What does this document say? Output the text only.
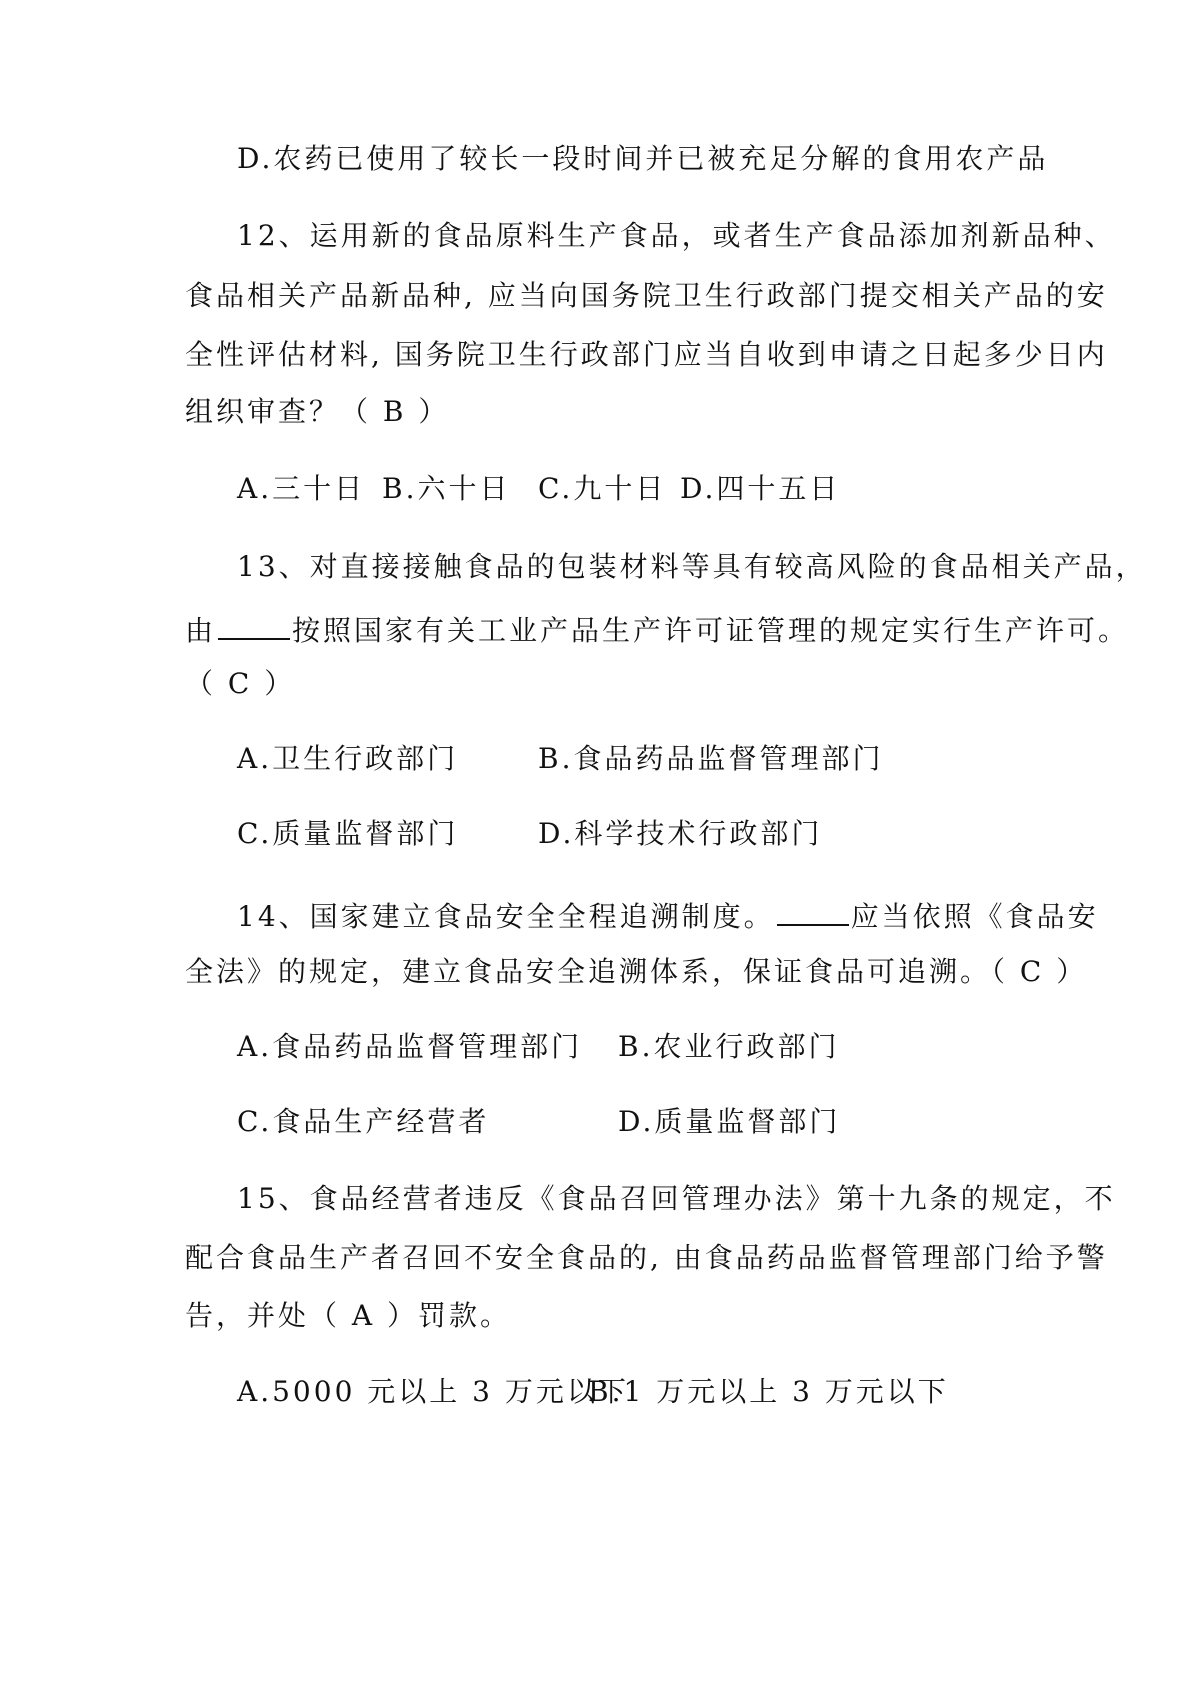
D.农药已使用了较长一段时间并已被充足分解的食用农产品
12、运用新的食品原料生产食品，或者生产食品添加剂新品种、
食品相关产品新品种, 应当向国务院卫生行政部门提交相关产品的安
全性评估材料, 国务院卫生行政部门应当自收到申请之日起多少日内
组织审查？（ B ）
A.三十日 B.六十日 C.九十日 D.四十五日
13、对直接接触食品的包装材料等具有较高风险的食品相关产品，
由	按照国家有关工业产品生产许可证管理的规定实行生产许可。
（ C ）
A.卫生行政部门	B.食品药品监督管理部门
C.质量监督部门	D.科学技术行政部门
14、国家建立食品安全全程追溯制度。	应当依照《食品安
全法》的规定，建立食品安全追溯体系，保证食品可追溯。（ C ）
A.食品药品监督管理部门 B.农业行政部门
C.食品生产经营者	D.质量监督部门
15、食品经营者违反《食品召回管理办法》第十九条的规定，不
配合食品生产者召回不安全食品的, 由食品药品监督管理部门给予警
告，并处（ A ）罚款。
A.5000 元以上 3 万元以下
B.1 万元以上 3 万元以下
